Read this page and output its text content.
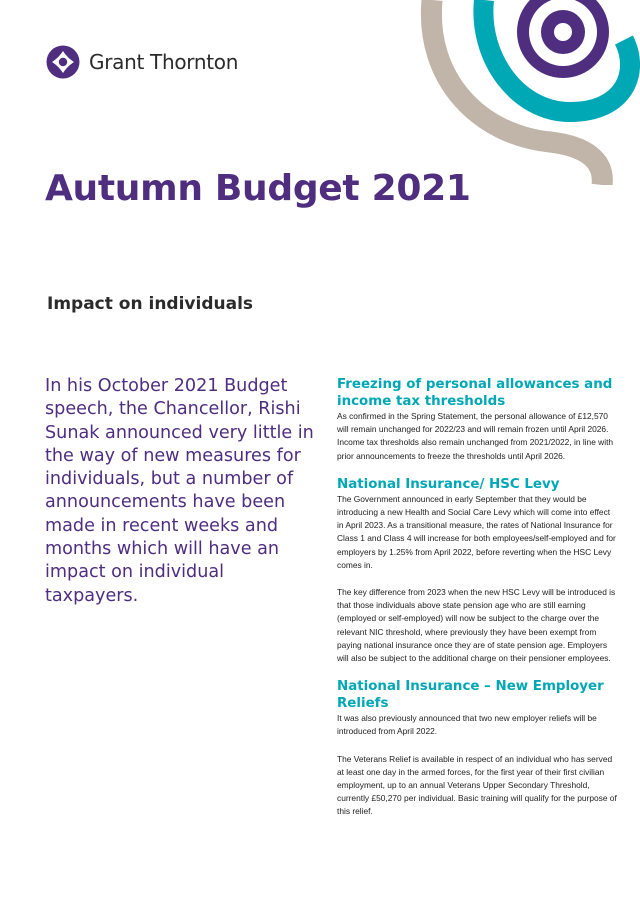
Grant Thornton
Autumn Budget 2021
Impact on individuals

In his October 2021 Budget speech, the Chancellor, Rishi Sunak announced very little in the way of new measures for individuals, but a number of announcements have been made in recent weeks and months which will have an impact on individual taxpayers.

Freezing of personal allowances and income tax thresholds

As confirmed in the Spring Statement, the personal allowance of £12,570 will remain unchanged for 2022/23 and will remain frozen until April 2026. Income tax thresholds also remain unchanged from 2021/2022, in line with prior announcements to freeze the thresholds until April 2026.

National Insurance/ HSC Levy

The Government announced in early September that they would be introducing a new Health and Social Care Levy which will come into effect in April 2023. As a transitional measure, the rates of National Insurance for Class 1 and Class 4 will increase for both employees/self-employed and for employers by 1.25% from April 2022, before reverting when the HSC Levy comes in.

The key difference from 2023 when the new HSC Levy will be introduced is that those individuals above state pension age who are still earning (employed or self-employed) will now be subject to the charge over the relevant NIC threshold, where previously they have been exempt from paying national insurance once they are of state pension age. Employers will also be subject to the additional charge on their pensioner employees.

National Insurance – New Employer Reliefs

It was also previously announced that two new employer reliefs will be introduced from April 2022.

The Veterans Relief is available in respect of an individual who has served at least one day in the armed forces, for the first year of their first civilian employment, up to an annual Veterans Upper Secondary Threshold, currently £50,270 per individual. Basic training will qualify for the purpose of this relief.
